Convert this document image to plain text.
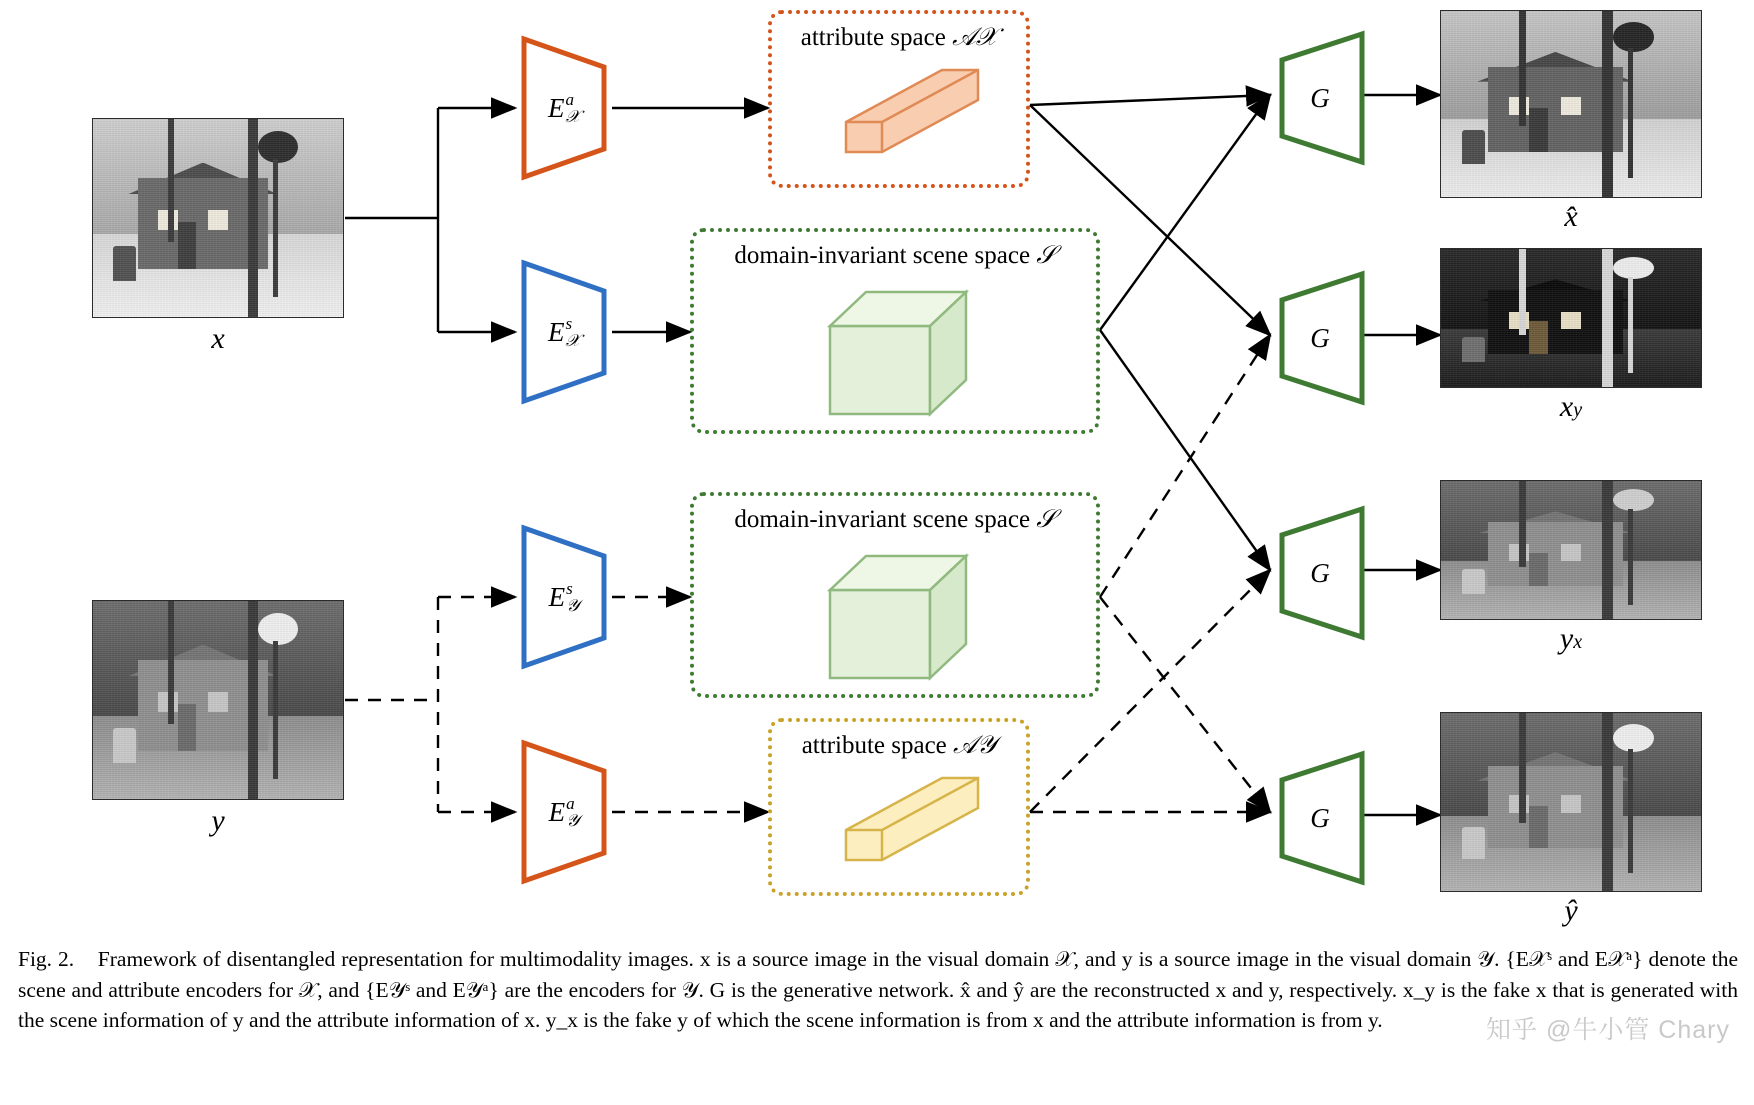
x
y
E a
𝒳
E s
𝒳
E s
𝒴
E a
𝒴
attribute space 𝒜𝒳
domain-invariant scene space 𝒮
domain-invariant scene space 𝒮
attribute space 𝒜𝒴
G
G
G
G
x̂
xy
yx
ŷ
Fig. 2. Framework of disentangled representation for multimodality images. x is a source image in the visual domain 𝒳, and y is a source image in the visual domain 𝒴. {E𝒳ˢ and E𝒳ᵃ} denote the scene and attribute encoders for 𝒳, and {E𝒴ˢ and E𝒴ᵃ} are the encoders for 𝒴. G is the generative network. x̂ and ŷ are the reconstructed x and y, respectively. x_y is the fake x that is generated with the scene information of y and the attribute information of x. y_x is the fake y of which the scene information is from x and the attribute information is from y.	知乎 @牛小管 Chary
